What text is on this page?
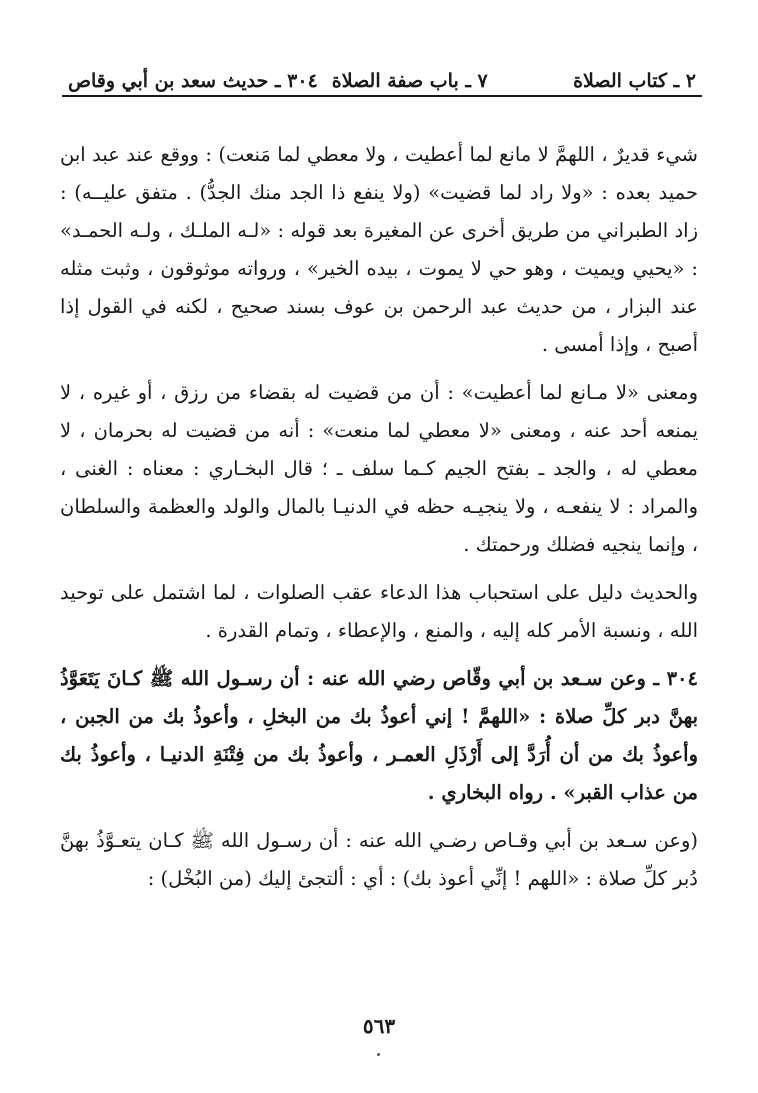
٢ ـ كتاب الصلاة
٧ ـ باب صفة الصلاة
٣٠٤ ـ حديث سعد بن أبي وقاص

شيء قديرٌ ، اللهمَّ لا مانع لما أعطيت ، ولا معطي لما مَنعت) : ووقع عند عبد ابن حميد بعده : «ولا راد لما قضيت» (ولا ينفع ذا الجد منك الجدُّ) . متفق عليــه) : زاد الطبراني من طريق أخرى عن المغيرة بعد قوله : «لـه الملـك ، ولـه الحمـد» : «يحيي ويميت ، وهو حي لا يموت ، بيده الخير» ، ورواته موثوقون ، وثبت مثله عند البزار ، من حديث عبد الرحمن بن عوف بسند صحيح ، لكنه في القول إذا أصبح ، وإذا أمسى .

ومعنى «لا مـانع لما أعطيت» : أن من قضيت له بقضاء من رزق ، أو غيره ، لا يمنعه أحد عنه ، ومعنى «لا معطي لما منعت» : أنه من قضيت له بحرمان ، لا معطي له ، والجد ـ بفتح الجيم كـما سلف ـ ؛ قال البخـاري : معناه : الغنى ، والمراد : لا ينفعـه ، ولا ينجيـه حظه في الدنيـا بالمال والولد والعظمة والسلطان ، وإنما ينجيه فضلك ورحمتك .

والحديث دليل على استحباب هذا الدعاء عقب الصلوات ، لما اشتمل على توحيد الله ، ونسبة الأمر كله إليه ، والمنع ، والإعطاء ، وتمام القدرة .

٣٠٤ ـ وعن سـعد بن أبي وقّاص رضي الله عنه : أن رسـول الله ﷺ كـانَ يَتَعَوَّذُ بهنَّ دبر كلِّ صلاة : «اللهمَّ ! إني أعوذُ بك من البخلِ ، وأعوذُ بك من الجبن ، وأعوذُ بك من أن أُرَدَّ إلى أَرْذَلِ العمـر ، وأعوذُ بك من فِتْنَةِ الدنيـا ، وأعوذُ بك من عذاب القبر» . رواه البخاري .

(وعن سـعد بن أبي وقـاص رضـي الله عنه : أن رسـول الله ﷺ كـان يتعـوَّذُ بهنَّ دُبر كلِّ صلاة : «اللهم ! إنِّي أعوذ بك) : أي : ألتجئ إليك (من البُخْل) :

٥٦٣
